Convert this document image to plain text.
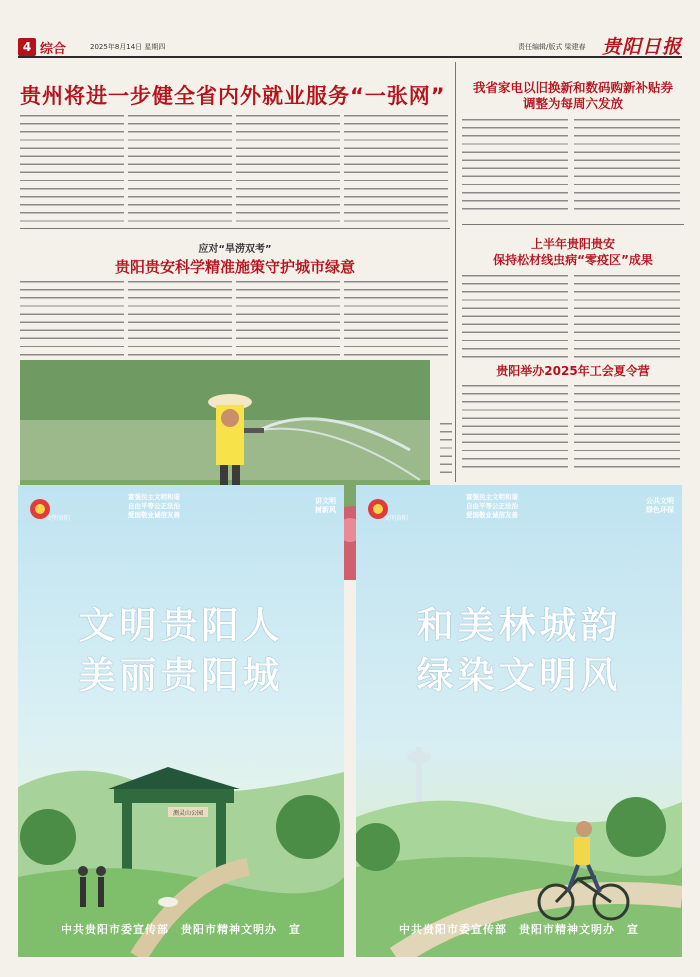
4 综合	2025年8月14日 星期四	责任编辑/版式 梁建春 贵阳日报
贵州将进一步健全省内外就业服务“一张网”	我省家电以旧换新和数码购新补贴券
调整为每周六发放
应对“旱涝双考”
贵阳贵安科学精准施策守护城市绿意
上半年贵阳贵安
保持松材线虫病“零疫区”成果
贵阳举办2025年工会夏令营
文明贵阳
富强民主文明和谐
自由平等公正法治
爱国敬业诚信友善
讲文明
树新风
文明贵阳人
美丽贵阳城
测灵山公园
中共贵阳市委宣传部　贵阳市精神文明办　宣
文明贵阳
富强民主文明和谐
自由平等公正法治
爱国敬业诚信友善
公共文明
绿色环保
和美林城韵
绿染文明风
中共贵阳市委宣传部　贵阳市精神文明办　宣
